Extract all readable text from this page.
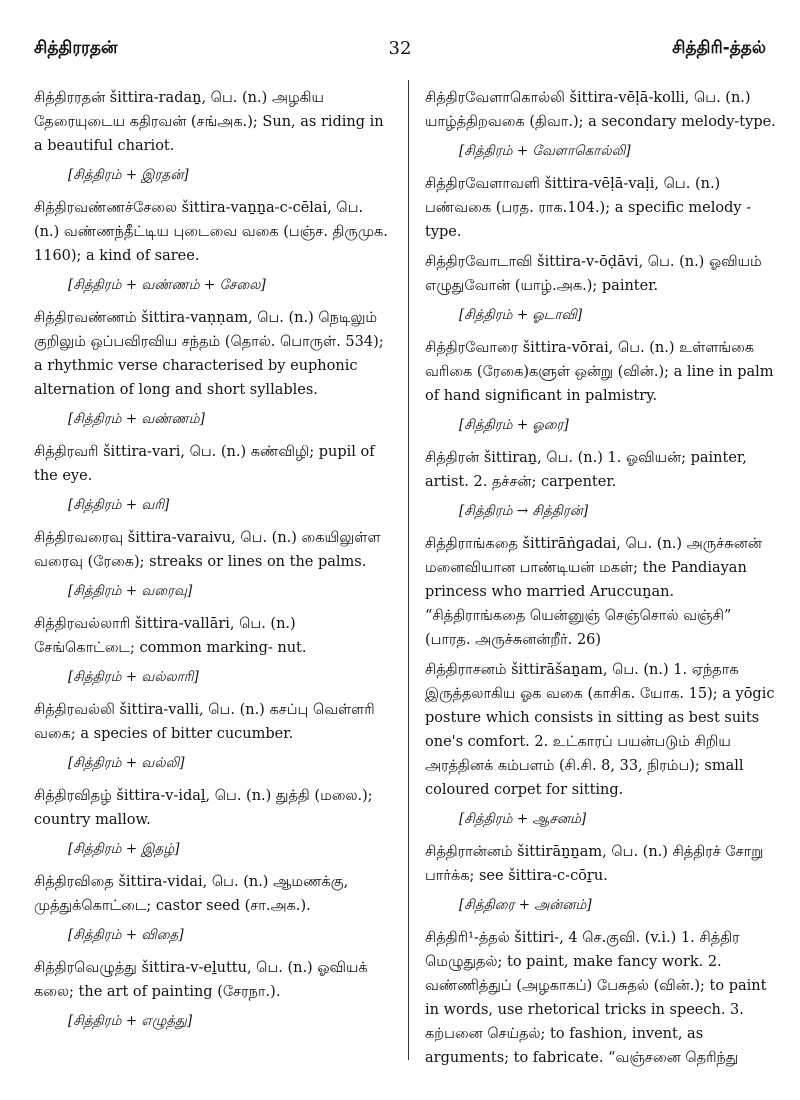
சித்திரரதன்	32	சித்திரி-த்தல்
சித்திரரதன் šittira-radaṉ, பெ. (n.) அழகிய தேரையுடைய கதிரவன் (சங்அக.); Sun, as riding in a beautiful chariot.
[சித்திரம் + இரதன்]
சித்திரவண்ணச்சேலை šittira-vaṉṉa-c-cēlai, பெ. (n.) வண்ணந்தீட்டிய புடைவை வகை (பஞ்ச. திருமுக. 1160); a kind of saree.
[சித்திரம் + வண்ணம் + சேலை]
சித்திரவண்ணம் šittira-vaṇṇam, பெ. (n.) நெடிலும் குறிலும் ஒப்பவிரவிய சந்தம் (தொல். பொருள். 534); a rhythmic verse characterised by euphonic alternation of long and short syllables.
[சித்திரம் + வண்ணம்]
சித்திரவரி šittira-vari, பெ. (n.) கண்விழி; pupil of the eye.
[சித்திரம் + வரி]
சித்திரவரைவு šittira-varaivu, பெ. (n.) கையிலுள்ள வரைவு (ரேகை); streaks or lines on the palms.
[சித்திரம் + வரைவு]
சித்திரவல்லாரி šittira-vallāri, பெ. (n.) சேங்கொட்டை; common marking- nut.
[சித்திரம் + வல்லாரி]
சித்திரவல்லி šittira-valli, பெ. (n.) கசப்பு வெள்ளரி வகை; a species of bitter cucumber.
[சித்திரம் + வல்லி]
சித்திரவிதழ் šittira-v-idaḻ, பெ. (n.) துத்தி (மலை.); country mallow.
[சித்திரம் + இதழ்]
சித்திரவிதை šittira-vidai, பெ. (n.) ஆமணக்கு, முத்துக்கொட்டை; castor seed (சா.அக.).
[சித்திரம் + விதை]
சித்திரவெழுத்து šittira-v-eḻuttu, பெ. (n.) ஓவியக் கலை; the art of painting (சேரநா.).
[சித்திரம் + எழுத்து]
சித்திரவேளாகொல்லி šittira-vēḷā-kolli, பெ. (n.) யாழ்த்திறவகை (திவா.); a secondary melody-type.
[சித்திரம் + வேளாகொல்லி]
சித்திரவேளாவளி šittira-vēḷā-vaḷi, பெ. (n.) பண்வகை (பரத. ராக.104.); a specific melody - type.
சித்திரவோடாவி šittira-v-ōḍāvi, பெ. (n.) ஓவியம் எழுதுவோன் (யாழ்.அக.); painter.
[சித்திரம் + ஓடாவி]
சித்திரவோரை šittira-vōrai, பெ. (n.) உள்ளங்கை வரிகை (ரேகை)களுள் ஒன்று (வின்.); a line in palm of hand significant in palmistry.
[சித்திரம் + ஓரை]
சித்திரன் šittiraṉ, பெ. (n.) 1. ஓவியன்; painter, artist. 2. தச்சன்; carpenter.
[சித்திரம் → சித்திரன்]
சித்திராங்கதை šittirāṅgadai, பெ. (n.) அருச்சுனன் மனைவியான பாண்டியன் மகள்; the Pandiayan princess who married Aruccuṉan. “சித்திராங்கதை யென்னுஞ் செஞ்சொல் வஞ்சி” (பாரத. அருச்சுனன்றீர். 26)
சித்திராசனம் šittirāšaṉam, பெ. (n.) 1. ஏந்தாக இருத்தலாகிய ஓக வகை (காசிக. யோக. 15); a yōgic posture which consists in sitting as best suits one's comfort. 2. உட்காரப் பயன்படும் சிறிய அரத்தினக் கம்பளம் (சி.சி. 8, 33, நிரம்ப); small coloured corpet for sitting.
[சித்திரம் + ஆசனம்]
சித்திரான்னம் šittirāṉṉam, பெ. (n.) சித்திரச் சோறு பார்க்க; see šittira-c-cōṟu.
[சித்திரை + அன்னம்]
சித்திரி¹-த்தல் šittiri-, 4 செ.குவி. (v.i.) 1. சித்திர மெழுதுதல்; to paint, make fancy work. 2. வண்ணித்துப் (அழகாகப்) பேசுதல் (வின்.); to paint in words, use rhetorical tricks in speech. 3. கற்பனை செய்தல்; to fashion, invent, as arguments; to fabricate. “வஞ்சனை தெரிந்து
